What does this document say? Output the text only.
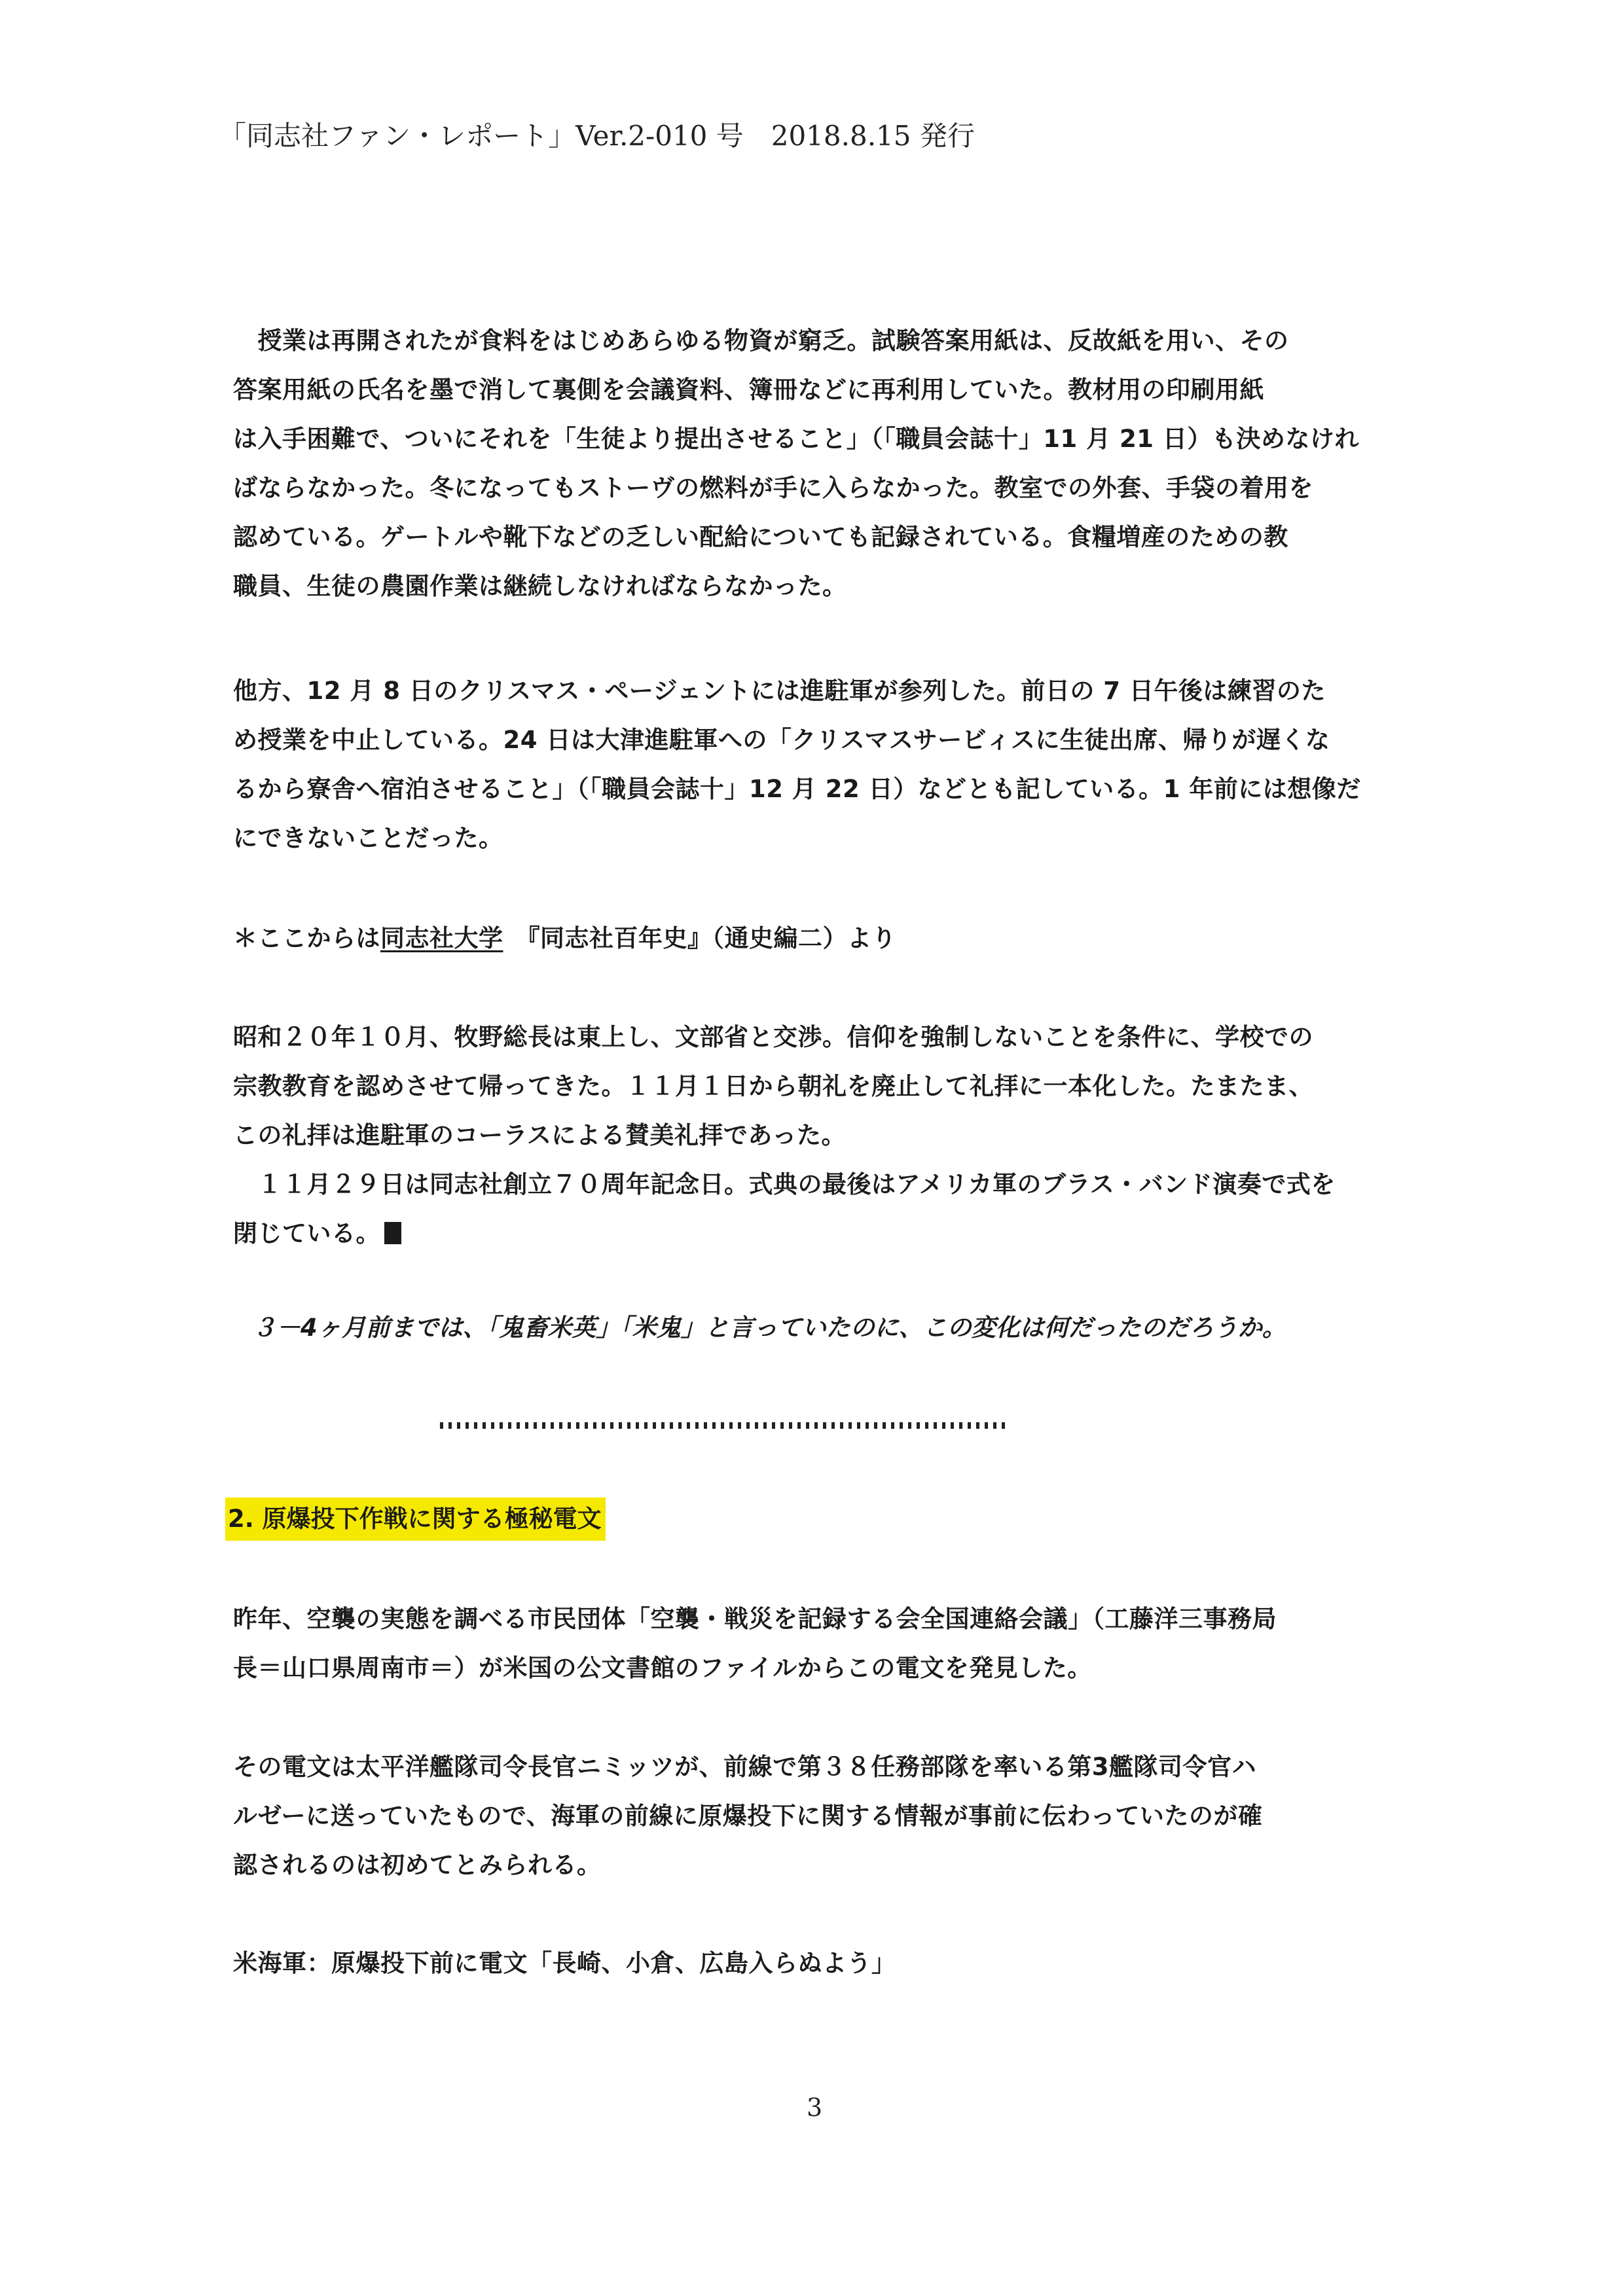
「同志社ファン・レポート」Ver.2-010 号　2018.8.15 発行
　授業は再開されたが食料をはじめあらゆる物資が窮乏。試験答案用紙は、反故紙を用い、その
答案用紙の氏名を墨で消して裏側を会議資料、簿冊などに再利用していた。教材用の印刷用紙
は入手困難で、ついにそれを「生徒より提出させること」（「職員会誌十」11 月 21 日）も決めなけれ
ばならなかった。冬になってもストーヴの燃料が手に入らなかった。教室での外套、手袋の着用を
認めている。ゲートルや靴下などの乏しい配給についても記録されている。食糧増産のための教
職員、生徒の農園作業は継続しなければならなかった。
他方、12 月 8 日のクリスマス・ページェントには進駐軍が参列した。前日の 7 日午後は練習のた
め授業を中止している。24 日は大津進駐軍への「クリスマスサービィスに生徒出席、帰りが遅くな
るから寮舎へ宿泊させること」（「職員会誌十」12 月 22 日）などとも記している。1 年前には想像だ
にできないことだった。
＊ここからは同志社大学　『同志社百年史』（通史編二）より
昭和２０年１０月、牧野総長は東上し、文部省と交渉。信仰を強制しないことを条件に、学校での
宗教教育を認めさせて帰ってきた。１１月１日から朝礼を廃止して礼拝に一本化した。たまたま、
この礼拝は進駐軍のコーラスによる賛美礼拝であった。
　１１月２９日は同志社創立７０周年記念日。式典の最後はアメリカ軍のブラス・バンド演奏で式を
閉じている。
３－4ヶ月前までは、「鬼畜米英」「米鬼」と言っていたのに、この変化は何だったのだろうか。
2. 原爆投下作戦に関する極秘電文
昨年、空襲の実態を調べる市民団体「空襲・戦災を記録する会全国連絡会議」（工藤洋三事務局
長＝山口県周南市＝）が米国の公文書館のファイルからこの電文を発見した。
その電文は太平洋艦隊司令長官ニミッツが、前線で第３８任務部隊を率いる第3艦隊司令官ハ
ルゼーに送っていたもので、海軍の前線に原爆投下に関する情報が事前に伝わっていたのが確
認されるのは初めてとみられる。
米海軍：原爆投下前に電文「長崎、小倉、広島入らぬよう」
3
